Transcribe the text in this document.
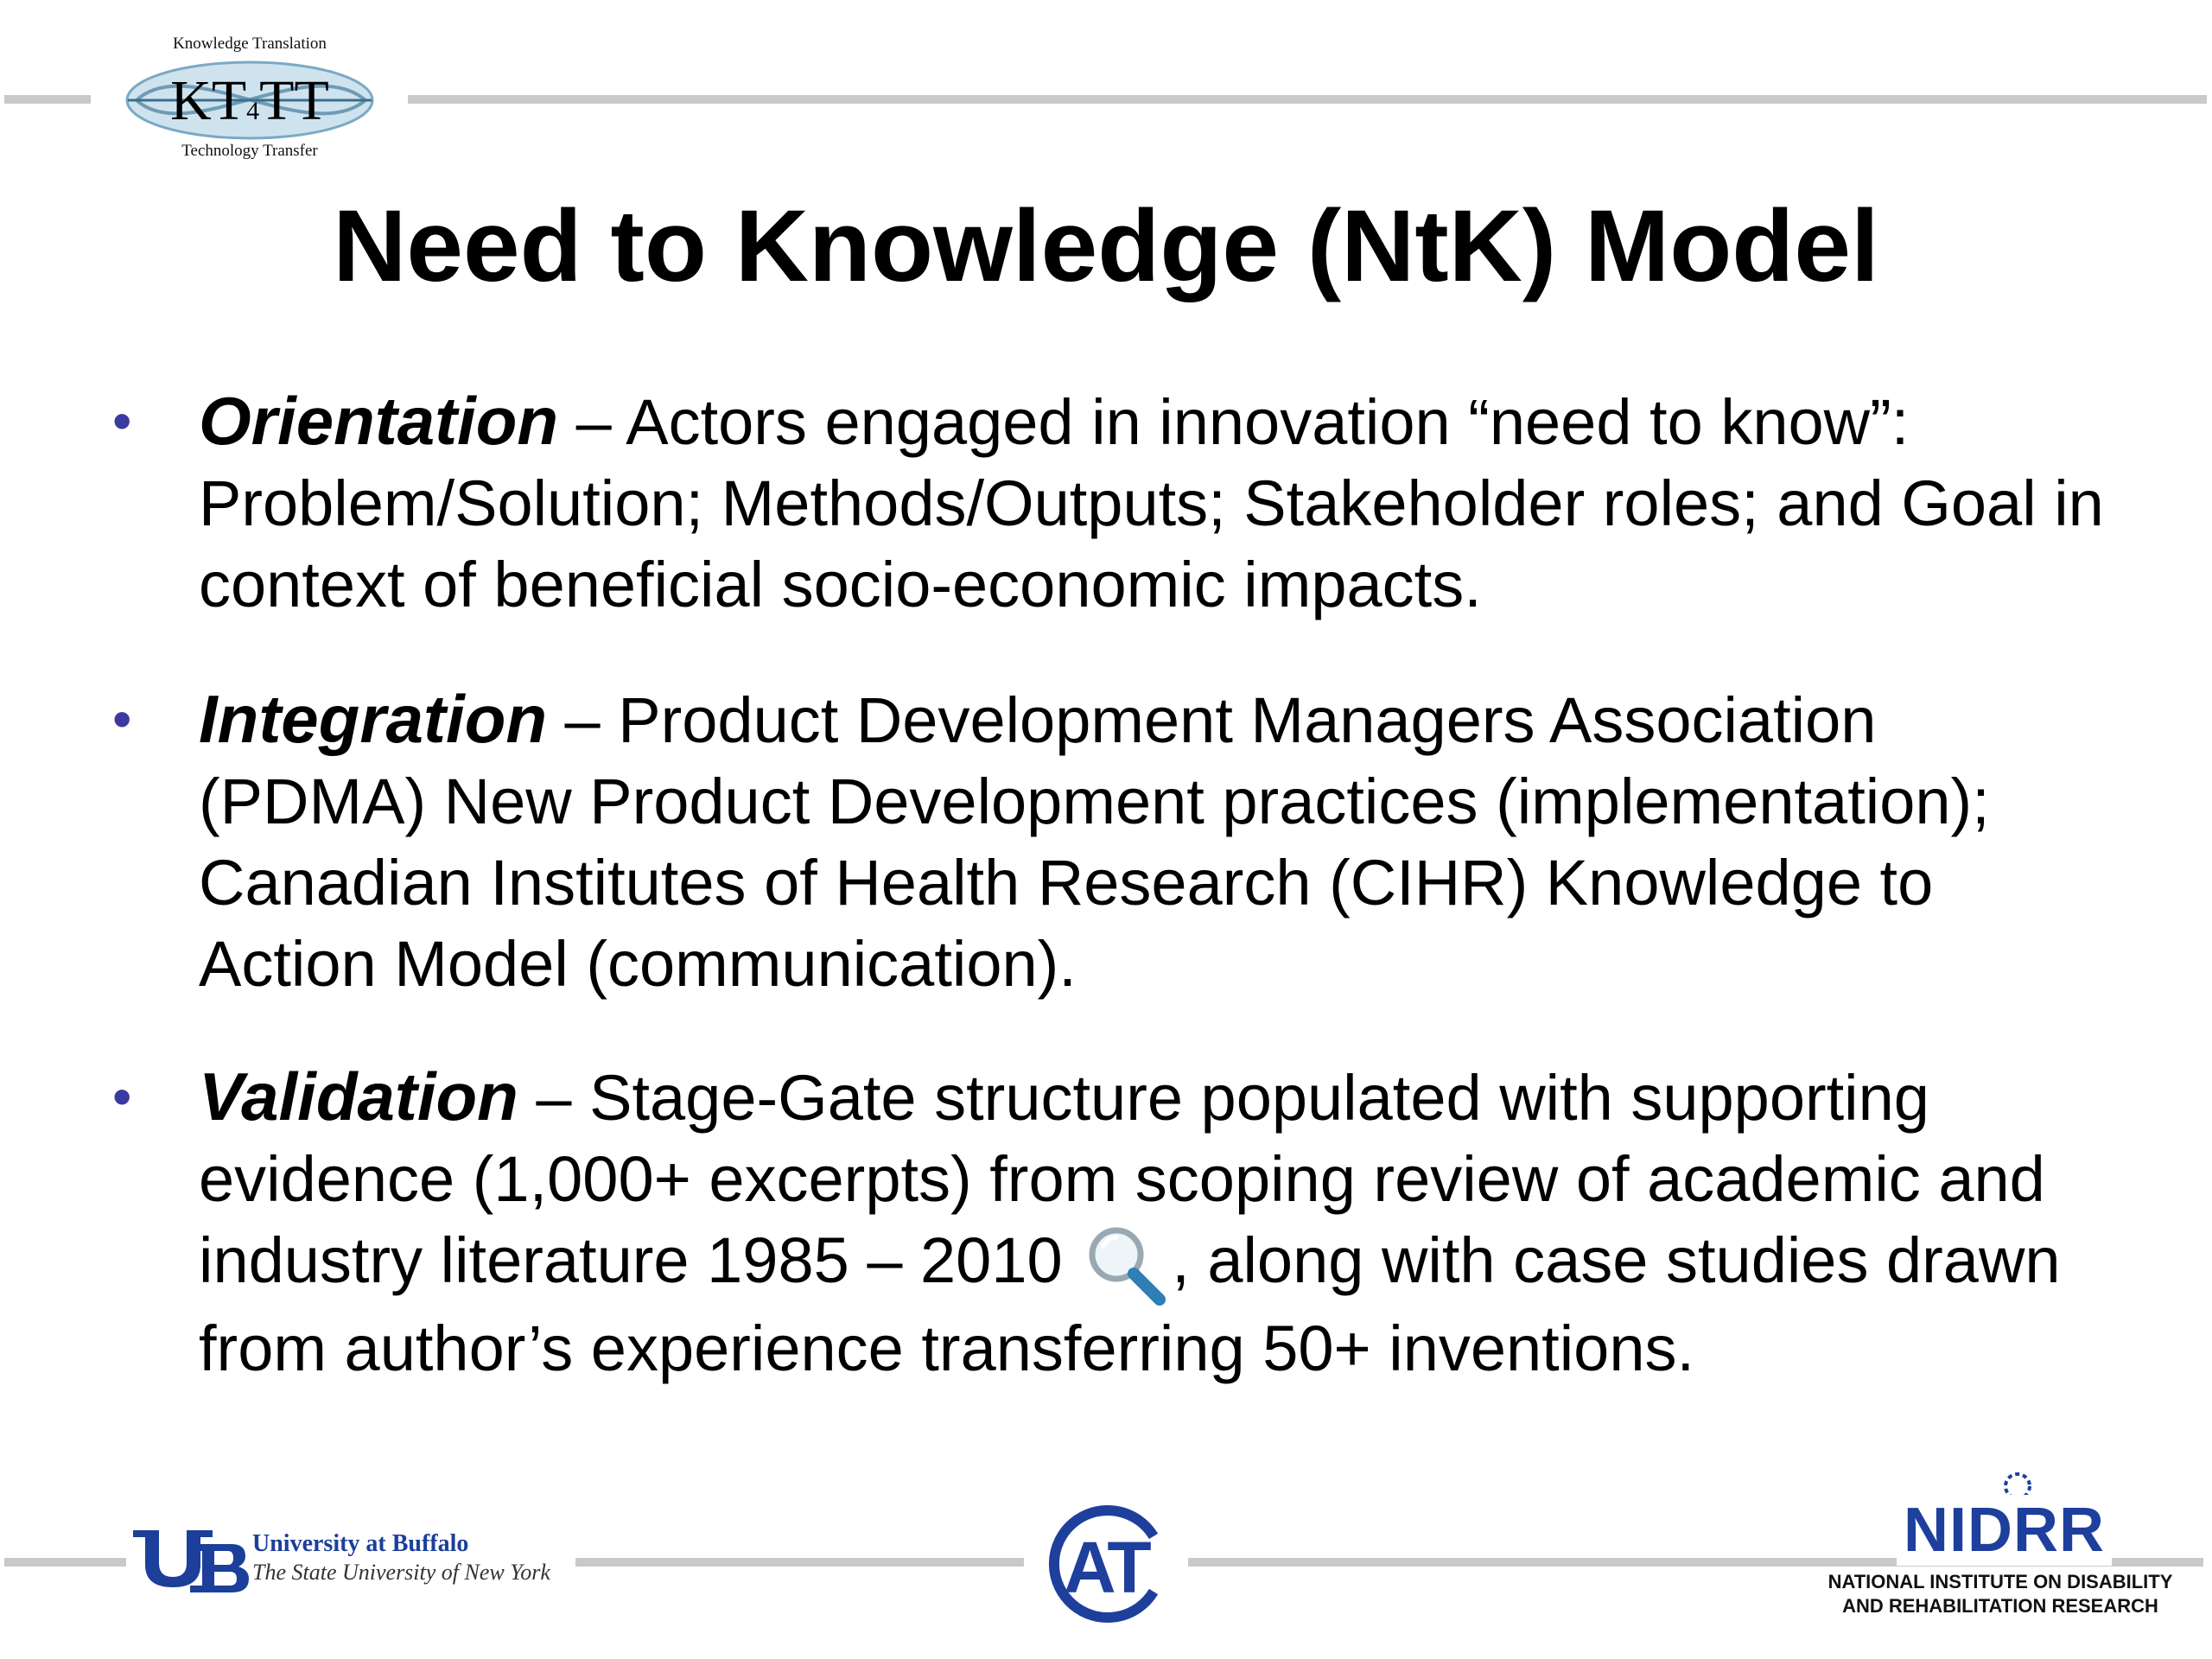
Knowledge Translation
KT4TT
Technology Transfer
Need to Knowledge (NtK) Model
• Orientation – Actors engaged in innovation “need to know”: Problem/Solution; Methods/Outputs; Stakeholder roles; and Goal in context of beneficial socio-economic impacts.
• Integration – Product Development Managers Association (PDMA) New Product Development practices (implementation); Canadian Institutes of Health Research (CIHR) Knowledge to Action Model (communication).
• Validation – Stage-Gate structure populated with supporting evidence (1,000+ excerpts) from scoping review of academic and industry literature 1985 – 2010 , along with case studies drawn from author’s experience transferring 50+ inventions.
University at Buffalo
The State University of New York	AT	NIDRR
NATIONAL INSTITUTE ON DISABILITY
AND REHABILITATION RESEARCH
